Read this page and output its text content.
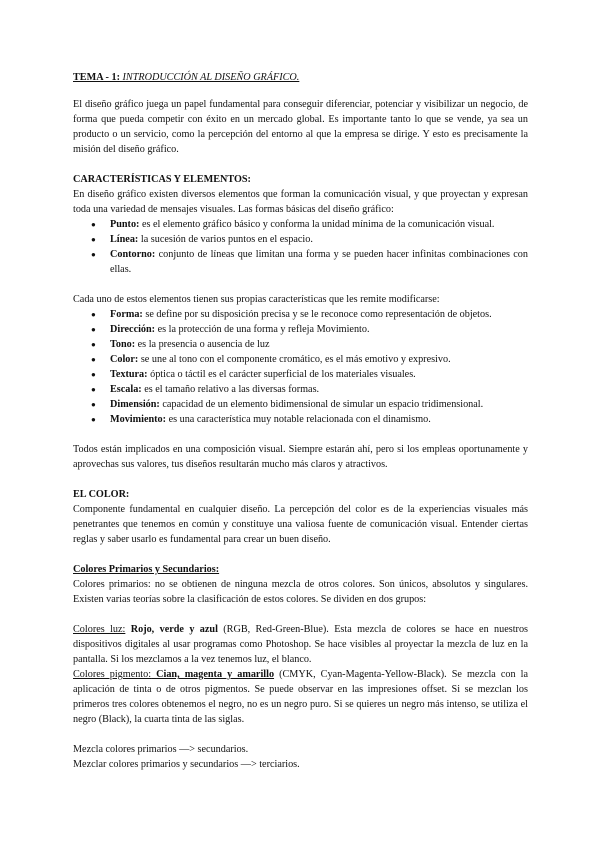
TEMA - 1: INTRODUCCIÓN AL DISEÑO GRÁFICO.

El diseño gráfico juega un papel fundamental para conseguir diferenciar, potenciar y visibilizar un negocio, de forma que pueda competir con éxito en un mercado global. Es importante tanto lo que se vende, ya sea un producto o un servicio, como la percepción del entorno al que la empresa se dirige. Y esto es precisamente la misión del diseño gráfico.

CARACTERÍSTICAS Y ELEMENTOS:

En diseño gráfico existen diversos elementos que forman la comunicación visual, y que proyectan y expresan toda una variedad de mensajes visuales. Las formas básicas del diseño gráfico:

● Punto: es el elemento gráfico básico y conforma la unidad mínima de la comunicación visual.
● Línea: la sucesión de varios puntos en el espacio.
● Contorno: conjunto de líneas que limitan una forma y se pueden hacer infinitas combinaciones con ellas.

Cada uno de estos elementos tienen sus propias características que les remite modificarse:

● Forma: se define por su disposición precisa y se le reconoce como representación de objetos.
● Dirección: es la protección de una forma y refleja Movimiento.
● Tono: es la presencia o ausencia de luz
● Color: se une al tono con el componente cromático, es el más emotivo y expresivo.
● Textura: óptica o táctil es el carácter superficial de los materiales visuales.
● Escala: es el tamaño relativo a las diversas formas.
● Dimensión: capacidad de un elemento bidimensional de simular un espacio tridimensional.
● Movimiento: es una característica muy notable relacionada con el dinamismo.

Todos están implicados en una composición visual. Siempre estarán ahí, pero si los empleas oportunamente y aprovechas sus valores, tus diseños resultarán mucho más claros y atractivos.

EL COLOR:

Componente fundamental en cualquier diseño. La percepción del color es de la experiencias visuales más penetrantes que tenemos en común y constituye una valiosa fuente de comunicación visual. Entender ciertas reglas y saber usarlo es fundamental para crear un buen diseño.

Colores Primarios y Secundarios:

Colores primarios: no se obtienen de ninguna mezcla de otros colores. Son únicos, absolutos y singulares. Existen varias teorías sobre la clasificación de estos colores. Se dividen en dos grupos:

Colores luz: Rojo, verde y azul (RGB, Red-Green-Blue). Esta mezcla de colores se hace en nuestros dispositivos digitales al usar programas como Photoshop. Se hace visibles al proyectar la mezcla de luz en la pantalla. Si los mezclamos a la vez tenemos luz, el blanco.

Colores pigmento: Cian, magenta y amarillo (CMYK, Cyan-Magenta-Yellow-Black). Se mezcla con la aplicación de tinta o de otros pigmentos. Se puede observar en las impresiones offset. Si se mezclan los primeros tres colores obtenemos el negro, no es un negro puro. Si se quieres un negro más intenso, se utiliza el negro (Black), la cuarta tinta de las siglas.

Mezcla colores primarios —> secundarios.

Mezclar colores primarios y secundarios —> terciarios.
